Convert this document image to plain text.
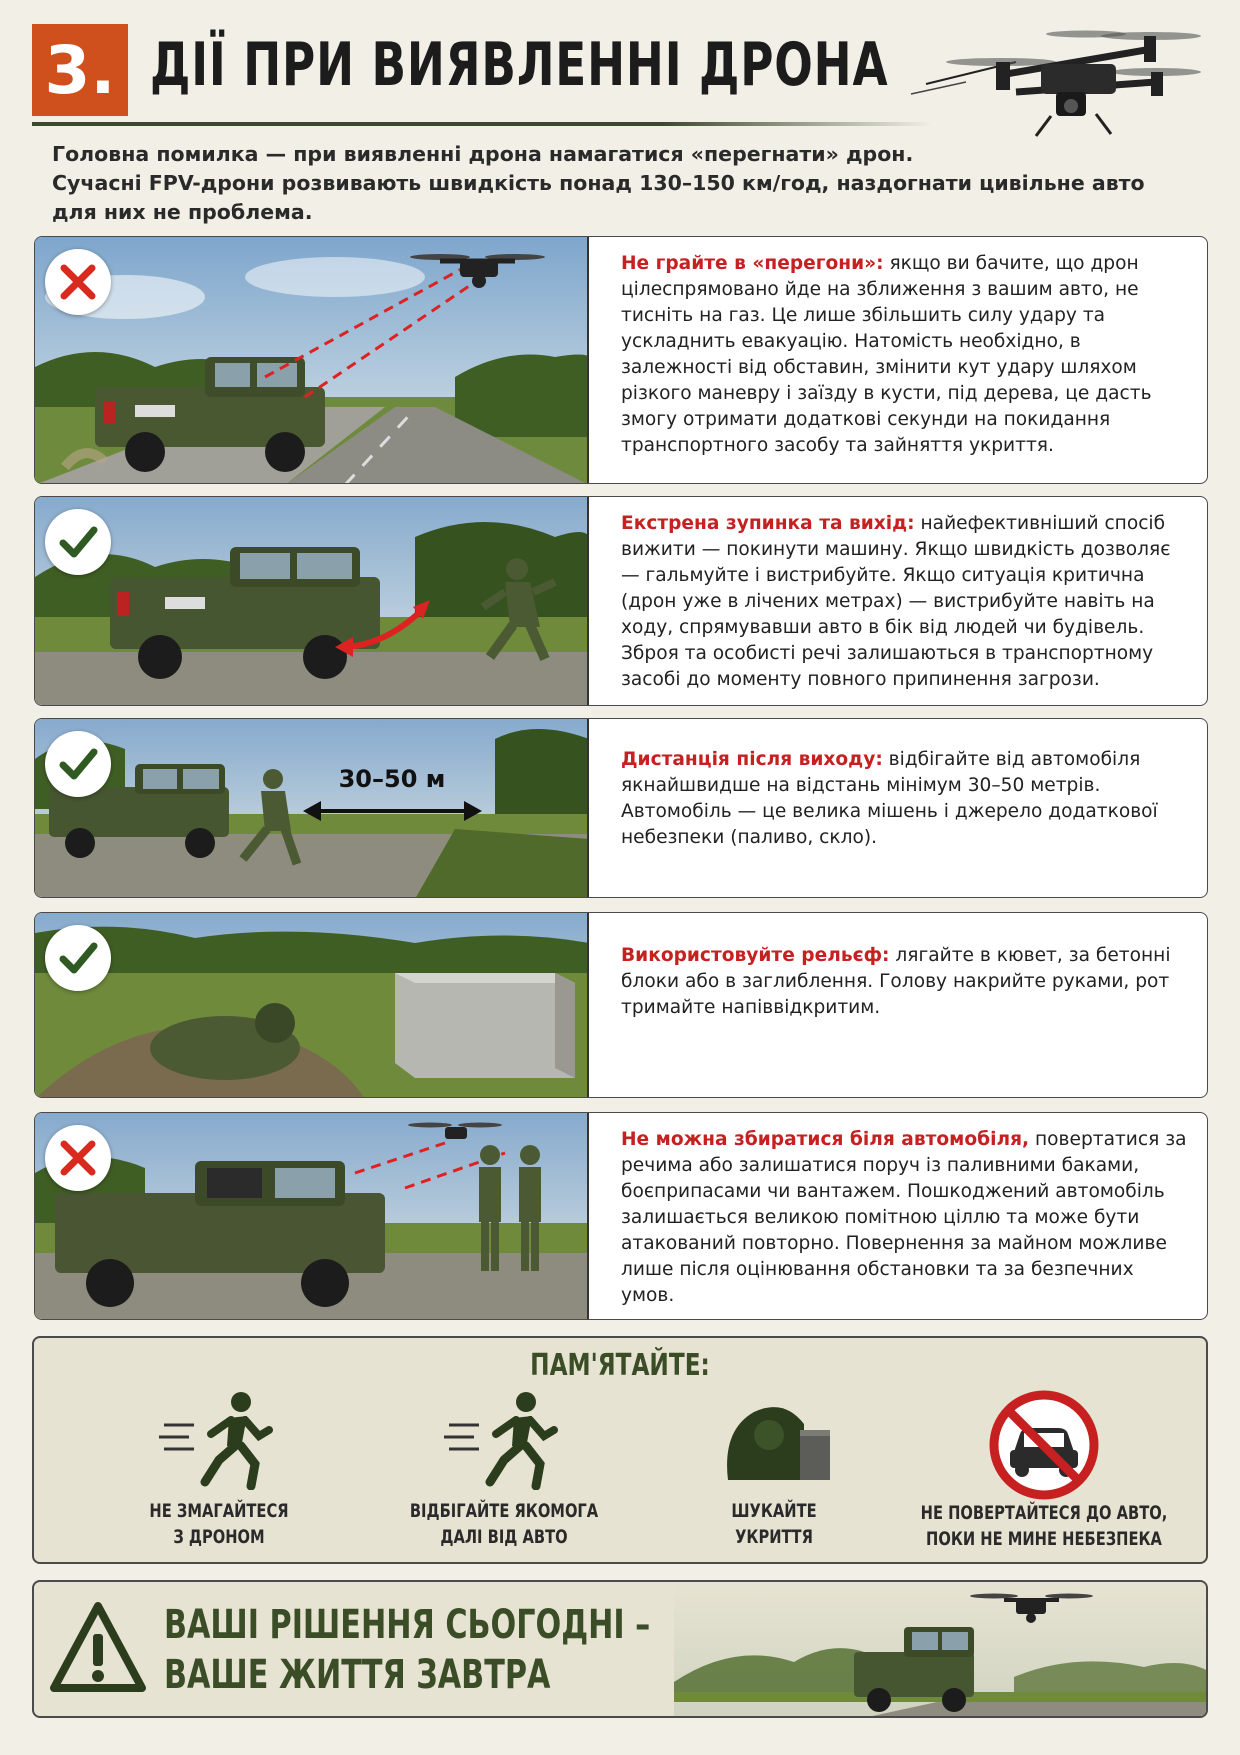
3. ДІЇ ПРИ ВИЯВЛЕННІ ДРОНА
Головна помилка — при виявленні дрона намагатися «перегнати» дрон.
Сучасні FPV-дрони розвивають швидкість понад 130–150 км/год, наздогнати цивільне авто
для них не проблема.
Не грайте в «перегони»: якщо ви бачите, що дрон цілеспрямовано йде на зближення з вашим авто, не тисніть на газ. Це лише збільшить силу удару та ускладнить евакуацію. Натомість необхідно, в залежності від обставин, змінити кут удару шляхом різкого маневру і заїзду в кусти, під дерева, це дасть змогу отримати додаткові секунди на покидання транспортного засобу та зайняття укриття.
Екстрена зупинка та вихід: найефективніший спосіб вижити — покинути машину. Якщо швидкість дозволяє — гальмуйте і вистрибуйте. Якщо ситуація критична (дрон уже в лічених метрах) — вистрибуйте навіть на ходу, спрямувавши авто в бік від людей чи будівель. Зброя та особисті речі залишаються в транспортному засобі до моменту повного припинення загрози.
30–50 м
Дистанція після виходу: відбігайте від автомобіля якнайшвидше на відстань мінімум 30–50 метрів. Автомобіль — це велика мішень і джерело додаткової небезпеки (паливо, скло).
Використовуйте рельєф: лягайте в кювет, за бетонні блоки або в заглиблення. Голову накрийте руками, рот тримайте напіввідкритим.
Не можна збиратися біля автомобіля, повертатися за речима або залишатися поруч із паливними баками, боєприпасами чи вантажем. Пошкоджений автомобіль залишається великою помітною ціллю та може бути атакований повторно. Повернення за майном можливе лише після оцінювання обстановки та за безпечних умов.
ПАМ'ЯТАЙТЕ:
НЕ ЗМАГАЙТЕСЯ
З ДРОНОМ
ВІДБІГАЙТЕ ЯКОМОГА
ДАЛІ ВІД АВТО
ШУКАЙТЕ
УКРИТТЯ
НЕ ПОВЕРТАЙТЕСЯ ДО АВТО,
ПОКИ НЕ МИНЕ НЕБЕЗПЕКА
ВАШІ РІШЕННЯ СЬОГОДНІ –
ВАШЕ ЖИТТЯ ЗАВТРА
